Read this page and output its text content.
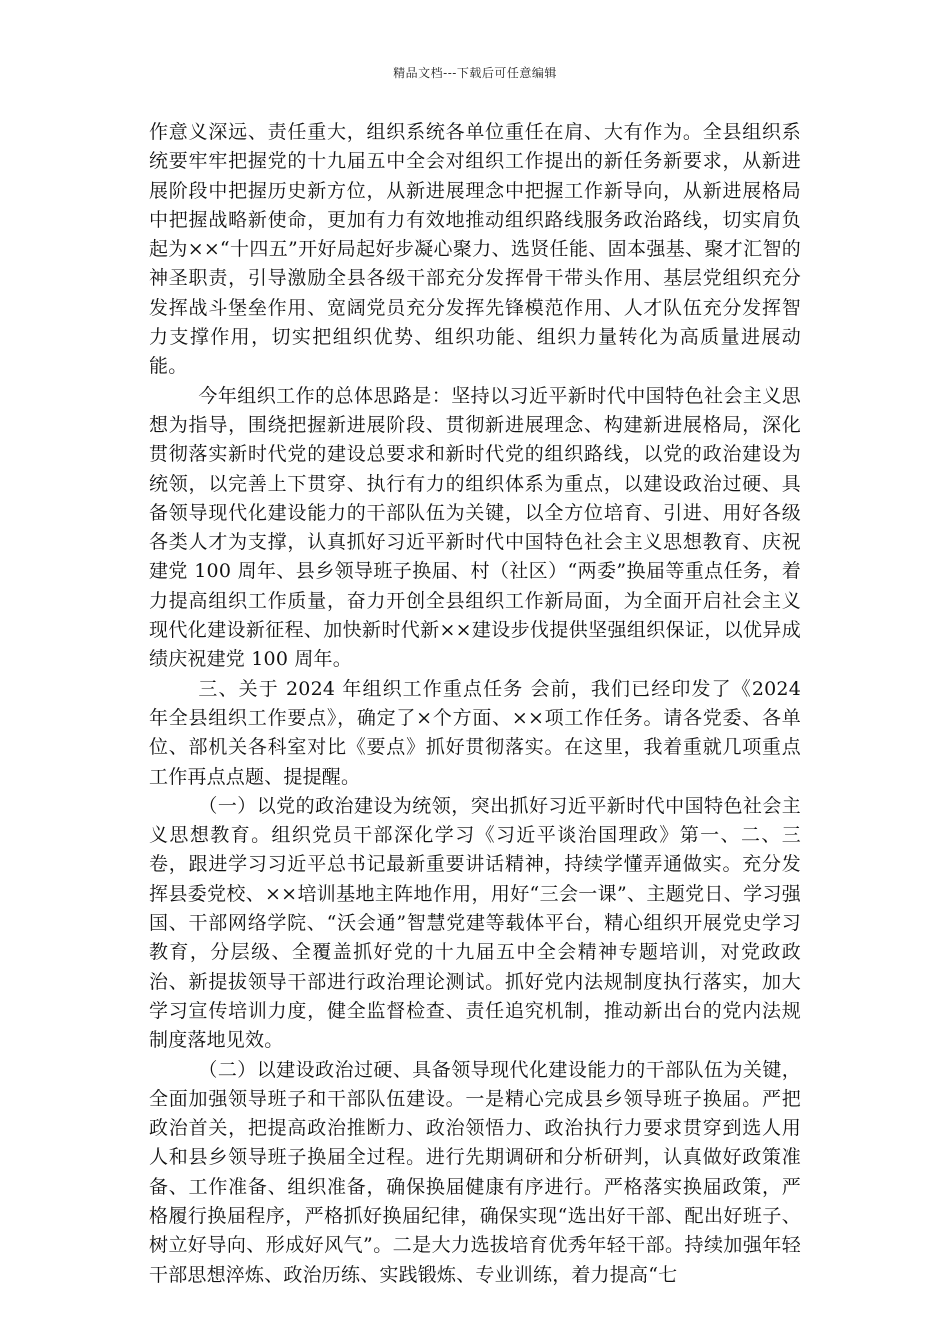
精品文档---下载后可任意编辑

作意义深远、责任重大，组织系统各单位重任在肩、大有作为。全县组织系统要牢牢把握党的十九届五中全会对组织工作提出的新任务新要求，从新进展阶段中把握历史新方位，从新进展理念中把握工作新导向，从新进展格局中把握战略新使命，更加有力有效地推动组织路线服务政治路线，切实肩负起为××“十四五”开好局起好步凝心聚力、选贤任能、固本强基、聚才汇智的神圣职责，引导激励全县各级干部充分发挥骨干带头作用、基层党组织充分发挥战斗堡垒作用、宽阔党员充分发挥先锋模范作用、人才队伍充分发挥智力支撑作用，切实把组织优势、组织功能、组织力量转化为高质量进展动能。

今年组织工作的总体思路是：坚持以习近平新时代中国特色社会主义思想为指导，围绕把握新进展阶段、贯彻新进展理念、构建新进展格局，深化贯彻落实新时代党的建设总要求和新时代党的组织路线，以党的政治建设为统领，以完善上下贯穿、执行有力的组织体系为重点，以建设政治过硬、具备领导现代化建设能力的干部队伍为关键，以全方位培育、引进、用好各级各类人才为支撑，认真抓好习近平新时代中国特色社会主义思想教育、庆祝建党 100 周年、县乡领导班子换届、村（社区）“两委”换届等重点任务，着力提高组织工作质量，奋力开创全县组织工作新局面，为全面开启社会主义现代化建设新征程、加快新时代新××建设步伐提供坚强组织保证，以优异成绩庆祝建党 100 周年。

三、关于 2024 年组织工作重点任务 会前，我们已经印发了《2024 年全县组织工作要点》，确定了×个方面、××项工作任务。请各党委、各单位、部机关各科室对比《要点》抓好贯彻落实。在这里，我着重就几项重点工作再点点题、提提醒。

（一）以党的政治建设为统领，突出抓好习近平新时代中国特色社会主义思想教育。组织党员干部深化学习《习近平谈治国理政》第一、二、三卷，跟进学习习近平总书记最新重要讲话精神，持续学懂弄通做实。充分发挥县委党校、××培训基地主阵地作用，用好“三会一课”、主题党日、学习强国、干部网络学院、“沃会通”智慧党建等载体平台，精心组织开展党史学习教育，分层级、全覆盖抓好党的十九届五中全会精神专题培训，对党政政治、新提拔领导干部进行政治理论测试。抓好党内法规制度执行落实，加大学习宣传培训力度，健全监督检查、责任追究机制，推动新出台的党内法规制度落地见效。

（二）以建设政治过硬、具备领导现代化建设能力的干部队伍为关键，全面加强领导班子和干部队伍建设。一是精心完成县乡领导班子换届。严把政治首关，把提高政治推断力、政治领悟力、政治执行力要求贯穿到选人用人和县乡领导班子换届全过程。进行先期调研和分析研判，认真做好政策准备、工作准备、组织准备，确保换届健康有序进行。严格落实换届政策，严格履行换届程序，严格抓好换届纪律，确保实现“选出好干部、配出好班子、树立好导向、形成好风气”。二是大力选拔培育优秀年轻干部。持续加强年轻干部思想淬炼、政治历练、实践锻炼、专业训练，着力提高“七
